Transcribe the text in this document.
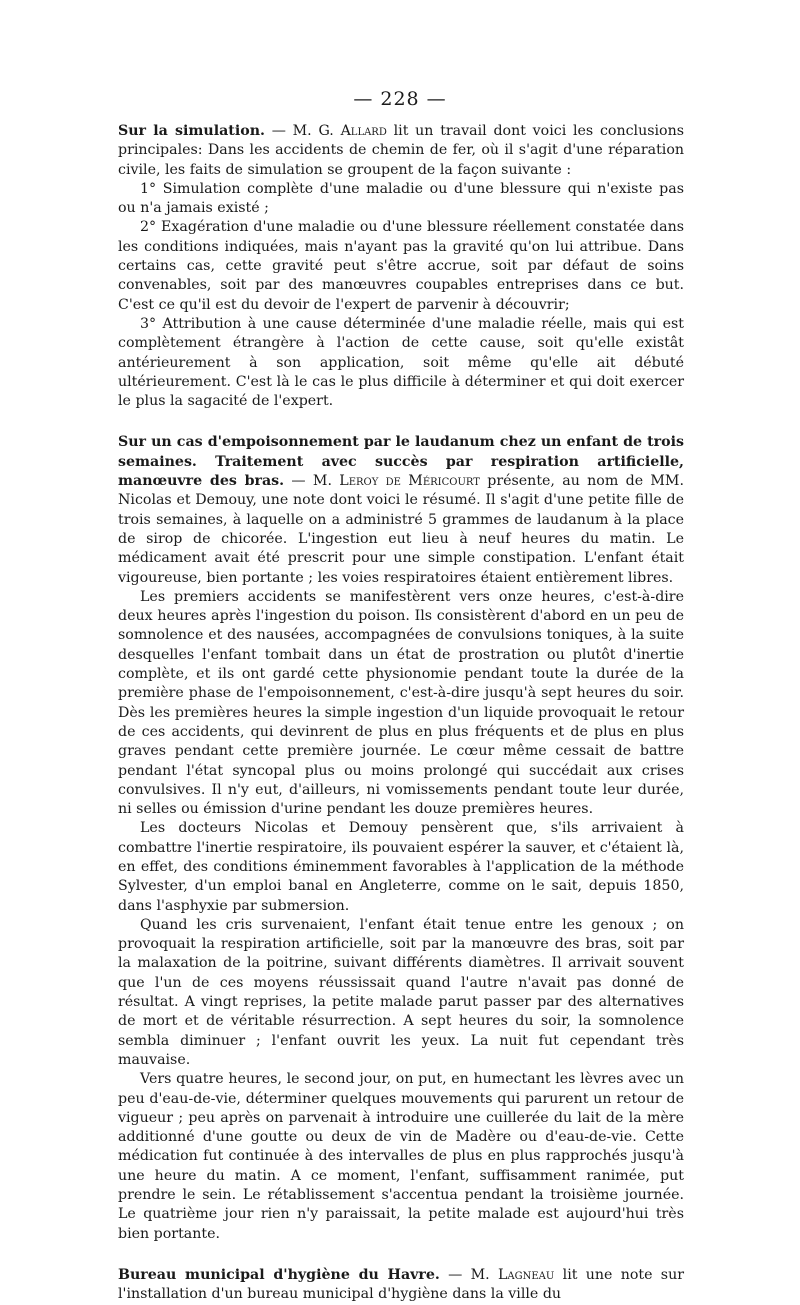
— 228 —

Sur la simulation. — M. G. Allard lit un travail dont voici les conclusions principales: Dans les accidents de chemin de fer, où il s'agit d'une réparation civile, les faits de simulation se groupent de la façon suivante :

1° Simulation complète d'une maladie ou d'une blessure qui n'existe pas ou n'a jamais existé ;

2° Exagération d'une maladie ou d'une blessure réellement constatée dans les conditions indiquées, mais n'ayant pas la gravité qu'on lui attribue. Dans certains cas, cette gravité peut s'être accrue, soit par défaut de soins convenables, soit par des manœuvres coupables entreprises dans ce but. C'est ce qu'il est du devoir de l'expert de parvenir à découvrir;

3° Attribution à une cause déterminée d'une maladie réelle, mais qui est complètement étrangère à l'action de cette cause, soit qu'elle existât antérieurement à son application, soit même qu'elle ait débuté ultérieurement. C'est là le cas le plus difficile à déterminer et qui doit exercer le plus la sagacité de l'expert.

Sur un cas d'empoisonnement par le laudanum chez un enfant de trois semaines. Traitement avec succès par respiration artificielle, manœuvre des bras. — M. Leroy de Méricourt présente, au nom de MM. Nicolas et Demouy, une note dont voici le résumé. Il s'agit d'une petite fille de trois semaines, à laquelle on a administré 5 grammes de laudanum à la place de sirop de chicorée. L'ingestion eut lieu à neuf heures du matin. Le médicament avait été prescrit pour une simple constipation. L'enfant était vigoureuse, bien portante ; les voies respiratoires étaient entièrement libres.

Les premiers accidents se manifestèrent vers onze heures, c'est-à-dire deux heures après l'ingestion du poison. Ils consistèrent d'abord en un peu de somnolence et des nausées, accompagnées de convulsions toniques, à la suite desquelles l'enfant tombait dans un état de prostration ou plutôt d'inertie complète, et ils ont gardé cette physionomie pendant toute la durée de la première phase de l'empoisonnement, c'est-à-dire jusqu'à sept heures du soir. Dès les premières heures la simple ingestion d'un liquide provoquait le retour de ces accidents, qui devinrent de plus en plus fréquents et de plus en plus graves pendant cette première journée. Le cœur même cessait de battre pendant l'état syncopal plus ou moins prolongé qui succédait aux crises convulsives. Il n'y eut, d'ailleurs, ni vomissements pendant toute leur durée, ni selles ou émission d'urine pendant les douze premières heures.

Les docteurs Nicolas et Demouy pensèrent que, s'ils arrivaient à combattre l'inertie respiratoire, ils pouvaient espérer la sauver, et c'étaient là, en effet, des conditions éminemment favorables à l'application de la méthode Sylvester, d'un emploi banal en Angleterre, comme on le sait, depuis 1850, dans l'asphyxie par submersion.

Quand les cris survenaient, l'enfant était tenue entre les genoux ; on provoquait la respiration artificielle, soit par la manœuvre des bras, soit par la malaxation de la poitrine, suivant différents diamètres. Il arrivait souvent que l'un de ces moyens réussissait quand l'autre n'avait pas donné de résultat. A vingt reprises, la petite malade parut passer par des alternatives de mort et de véritable résurrection. A sept heures du soir, la somnolence sembla diminuer ; l'enfant ouvrit les yeux. La nuit fut cependant très mauvaise.

Vers quatre heures, le second jour, on put, en humectant les lèvres avec un peu d'eau-de-vie, déterminer quelques mouvements qui parurent un retour de vigueur ; peu après on parvenait à introduire une cuillerée du lait de la mère additionné d'une goutte ou deux de vin de Madère ou d'eau-de-vie. Cette médication fut continuée à des intervalles de plus en plus rapprochés jusqu'à une heure du matin. A ce moment, l'enfant, suffisamment ranimée, put prendre le sein. Le rétablissement s'accentua pendant la troisième journée. Le quatrième jour rien n'y paraissait, la petite malade est aujourd'hui très bien portante.

Bureau municipal d'hygiène du Havre. — M. Lagneau lit une note sur l'installation d'un bureau municipal d'hygiène dans la ville du
